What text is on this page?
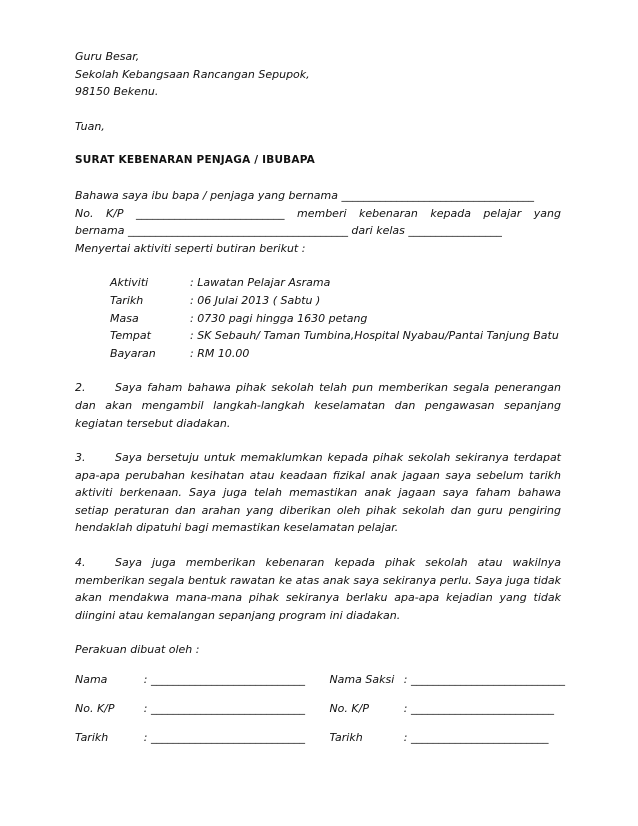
Guru Besar,

Sekolah Kebangsaan Rancangan Sepupok,

98150 Bekenu.

Tuan,

SURAT KEBENARAN PENJAGA / IBUBAPA

Bahawa saya ibu bapa / penjaga yang bernama ___________________________________

No.  K/P  ___________________________  memberi  kebenaran  kepada  pelajar  yang

bernama ________________________________________ dari kelas _________________

Menyertai aktiviti seperti butiran berikut :

Aktiviti	: Lawatan Pelajar Asrama
Tarikh	: 06 Julai 2013 ( Sabtu )
Masa	: 0730 pagi hingga 1630 petang
Tempat	: SK Sebauh/ Taman Tumbina,Hospital Nyabau/Pantai Tanjung Batu
Bayaran	: RM 10.00

2.	Saya faham bahawa pihak sekolah telah pun memberikan segala penerangan dan akan mengambil langkah-langkah keselamatan dan pengawasan sepanjang kegiatan tersebut diadakan.

3.	Saya bersetuju untuk memaklumkan kepada pihak sekolah sekiranya terdapat apa-apa perubahan kesihatan atau keadaan fizikal anak jagaan saya sebelum tarikh aktiviti berkenaan. Saya juga telah memastikan anak jagaan saya faham bahawa setiap peraturan dan arahan yang diberikan oleh pihak sekolah dan guru pengiring hendaklah dipatuhi bagi memastikan keselamatan pelajar.

4.	Saya juga memberikan kebenaran kepada pihak sekolah atau wakilnya memberikan segala bentuk rawatan ke atas anak saya sekiranya perlu. Saya juga tidak akan mendakwa mana-mana pihak sekiranya berlaku apa-apa kejadian yang tidak diingini atau kemalangan sepanjang program ini diadakan.

Perakuan dibuat oleh :

Nama	: ____________________________	Nama Saksi	: ____________________________
No. K/P	: ____________________________	No. K/P	: __________________________
Tarikh	: ____________________________	Tarikh	: _________________________
